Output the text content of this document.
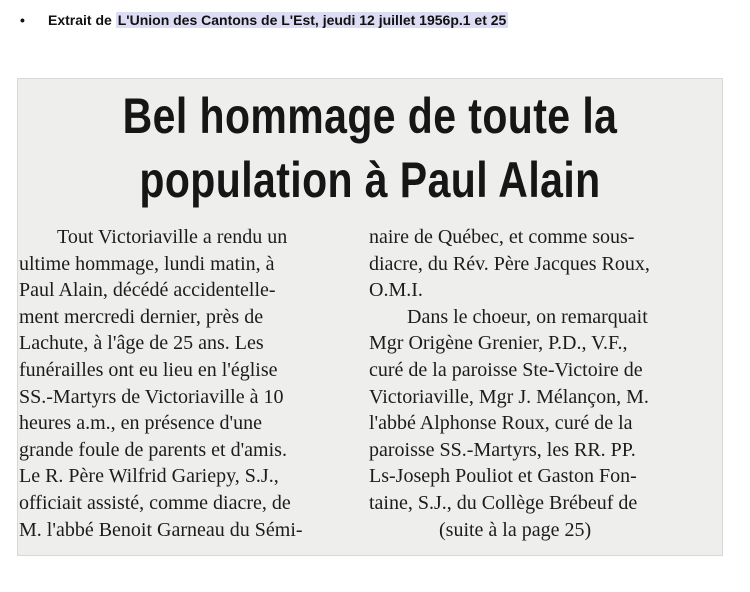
• Extrait de L'Union des Cantons de L'Est, jeudi 12 juillet 1956p.1 et 25
Bel hommage de toute la
population à Paul Alain
Tout Victoriaville a rendu un
ultime hommage, lundi matin, à
Paul Alain, décédé accidentelle-
ment mercredi dernier, près de
Lachute, à l'âge de 25 ans. Les
funérailles ont eu lieu en l'église
SS.-Martyrs de Victoriaville à 10
heures a.m., en présence d'une
grande foule de parents et d'amis.
Le R. Père Wilfrid Gariepy, S.J.,
officiait assisté, comme diacre, de
M. l'abbé Benoit Garneau du Sémi-
naire de Québec, et comme sous-
diacre, du Rév. Père Jacques Roux,
O.M.I.
Dans le choeur, on remarquait
Mgr Origène Grenier, P.D., V.F.,
curé de la paroisse Ste-Victoire de
Victoriaville, Mgr J. Mélançon, M.
l'abbé Alphonse Roux, curé de la
paroisse SS.-Martyrs, les RR. PP.
Ls-Joseph Pouliot et Gaston Fon-
taine, S.J., du Collège Brébeuf de
(suite à la page 25)
